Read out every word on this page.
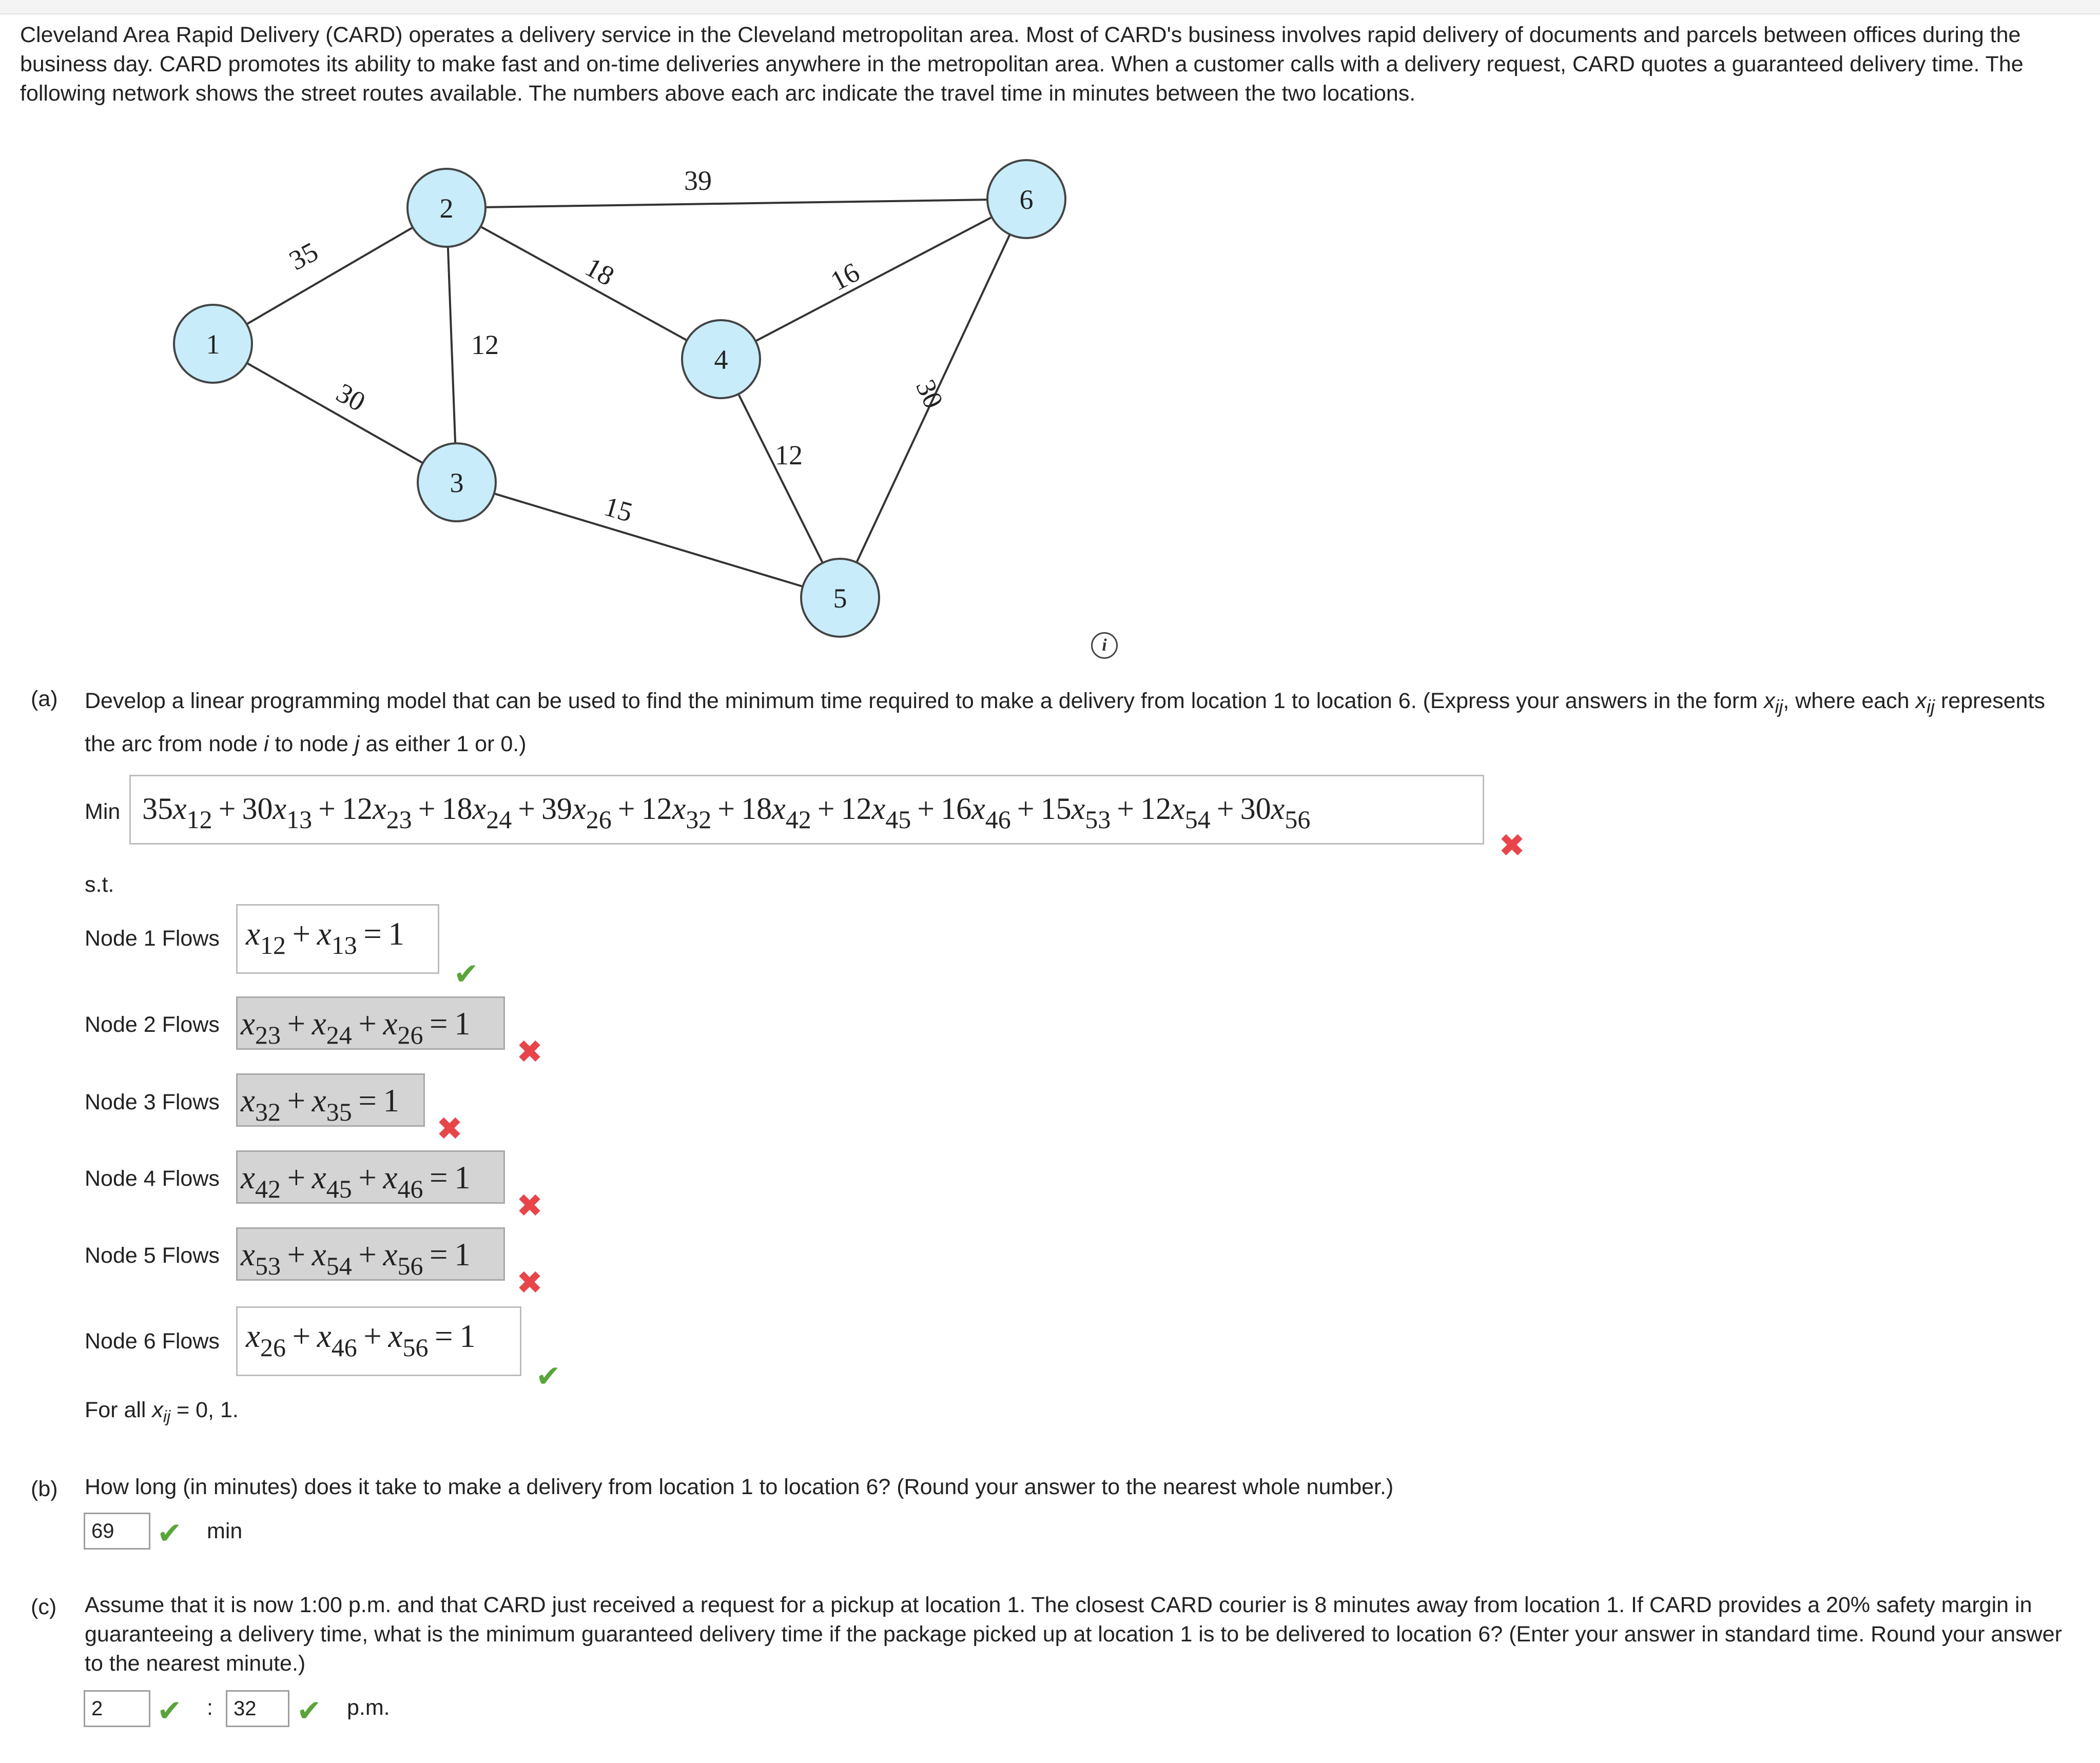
Cleveland Area Rapid Delivery (CARD) operates a delivery service in the Cleveland metropolitan area. Most of CARD's business involves rapid delivery of documents and parcels between offices during the business day. CARD promotes its ability to make fast and on-time deliveries anywhere in the metropolitan area. When a customer calls with a delivery request, CARD quotes a guaranteed delivery time. The following network shows the street routes available. The numbers above each arc indicate the travel time in minutes between the two locations.
35
30
12
18
39
15
12
16
30
1
2
3
4
5
6
i
(a) Develop a linear programming model that can be used to find the minimum time required to make a delivery from location 1 to location 6. (Express your answers in the form $x_{ij}$, where each $x_{ij}$ represents the arc from node i to node j as either 1 or 0.)
Min $35x_{12} + 30x_{13} + 12x_{23} + 18x_{24} + 39x_{26} + 12x_{32} + 18x_{42} + 12x_{45} + 16x_{46} + 15x_{53} + 12x_{54} + 30x_{56}$
✖
s.t.
Node 1 Flows $x_{12} + x_{13} = 1$
✔
Node 2 Flows $x_{23} + x_{24} + x_{26} = 1$
✖
Node 3 Flows $x_{32} + x_{35} = 1$
✖
Node 4 Flows $x_{42} + x_{45} + x_{46} = 1$
✖
Node 5 Flows $x_{53} + x_{54} + x_{56} = 1$
✖
Node 6 Flows $x_{26} + x_{46} + x_{56} = 1$
✔
For all $x_{ij} = 0$, 1.
(b) How long (in minutes) does it take to make a delivery from location 1 to location 6? (Round your answer to the nearest whole number.)
69	✔ min
(c) Assume that it is now 1:00 p.m. and that CARD just received a request for a pickup at location 1. The closest CARD courier is 8 minutes away from location 1. If CARD provides a 20% safety margin in guaranteeing a delivery time, what is the minimum guaranteed delivery time if the package picked up at location 1 is to be delivered to location 6? (Enter your answer in standard time. Round your answer to the nearest minute.)
2	✔ :	32	✔ p.m.
